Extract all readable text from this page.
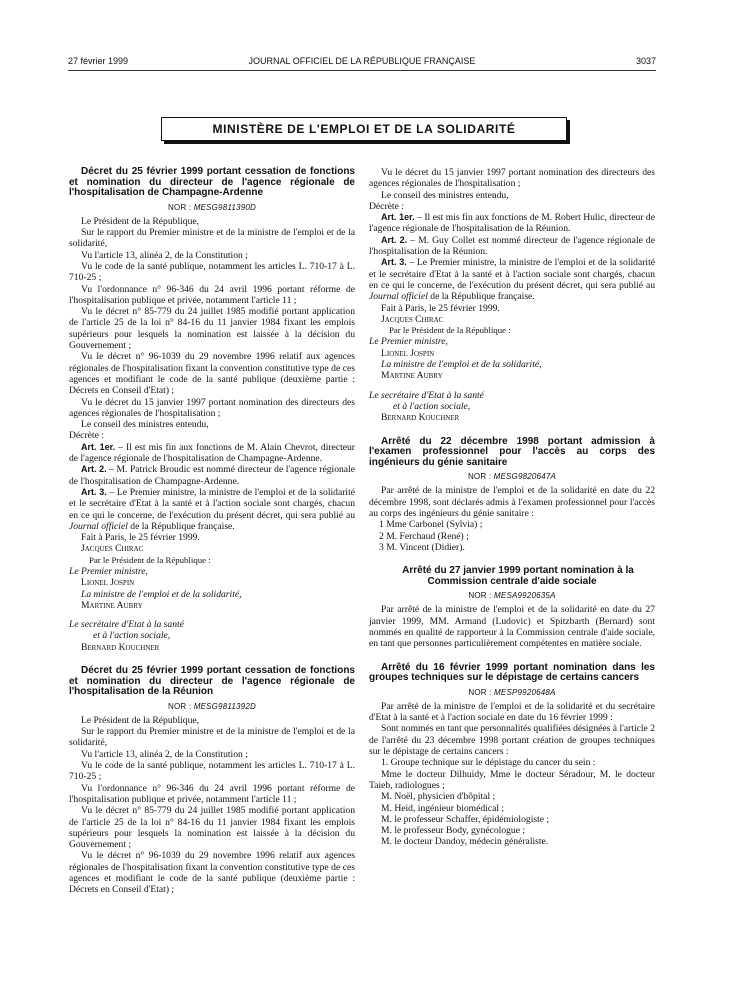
27 février 1999	JOURNAL OFFICIEL DE LA RÉPUBLIQUE FRANÇAISE	3037
MINISTÈRE DE L'EMPLOI ET DE LA SOLIDARITÉ

Décret du 25 février 1999 portant cessation de fonctions et nomination du directeur de l'agence régionale de l'hospitalisation de Champagne-Ardenne

NOR : MESG9811390D

Le Président de la République,

Sur le rapport du Premier ministre et de la ministre de l'emploi et de la solidarité,

Vu l'article 13, alinéa 2, de la Constitution ;

Vu le code de la santé publique, notamment les articles L. 710-17 à L. 710-25 ;

Vu l'ordonnance n° 96-346 du 24 avril 1996 portant réforme de l'hospitalisation publique et privée, notamment l'article 11 ;

Vu le décret n° 85-779 du 24 juillet 1985 modifié portant application de l'article 25 de la loi n° 84-16 du 11 janvier 1984 fixant les emplois supérieurs pour lesquels la nomination est laissée à la décision du Gouvernement ;

Vu le décret n° 96-1039 du 29 novembre 1996 relatif aux agences régionales de l'hospitalisation fixant la convention constitutive type de ces agences et modifiant le code de la santé publique (deuxième partie : Décrets en Conseil d'Etat) ;

Vu le décret du 15 janvier 1997 portant nomination des directeurs des agences régionales de l'hospitalisation ;

Le conseil des ministres entendu,

Décrète :

Art. 1er. – Il est mis fin aux fonctions de M. Alain Chevrot, directeur de l'agence régionale de l'hospitalisation de Champagne-Ardenne.

Art. 2. – M. Patrick Broudic est nommé directeur de l'agence régionale de l'hospitalisation de Champagne-Ardenne.

Art. 3. – Le Premier ministre, la ministre de l'emploi et de la solidarité et le secrétaire d'Etat à la santé et à l'action sociale sont chargés, chacun en ce qui le concerne, de l'exécution du présent décret, qui sera publié au Journal officiel de la République française.

Fait à Paris, le 25 février 1999.

Jacques Chirac

Par le Président de la République :

Le Premier ministre,

Lionel Jospin

La ministre de l'emploi et de la solidarité,

Martine Aubry

Le secrétaire d'Etat à la santé

et à l'action sociale,

Bernard Kouchner

Décret du 25 février 1999 portant cessation de fonctions et nomination du directeur de l'agence régionale de l'hospitalisation de la Réunion

NOR : MESG9811392D

Le Président de la République,

Sur le rapport du Premier ministre et de la ministre de l'emploi et de la solidarité,

Vu l'article 13, alinéa 2, de la Constitution ;

Vu le code de la santé publique, notamment les articles L. 710-17 à L. 710-25 ;

Vu l'ordonnance n° 96-346 du 24 avril 1996 portant réforme de l'hospitalisation publique et privée, notamment l'article 11 ;

Vu le décret n° 85-779 du 24 juillet 1985 modifié portant application de l'article 25 de la loi n° 84-16 du 11 janvier 1984 fixant les emplois supérieurs pour lesquels la nomination est laissée à la décision du Gouvernement ;

Vu le décret n° 96-1039 du 29 novembre 1996 relatif aux agences régionales de l'hospitalisation fixant la convention constitutive type de ces agences et modifiant le code de la santé publique (deuxième partie : Décrets en Conseil d'Etat) ;

Vu le décret du 15 janvier 1997 portant nomination des directeurs des agences régionales de l'hospitalisation ;

Le conseil des ministres entendu,

Décrète :

Art. 1er. – Il est mis fin aux fonctions de M. Robert Hulic, directeur de l'agence régionale de l'hospitalisation de la Réunion.

Art. 2. – M. Guy Collet est nommé directeur de l'agence régionale de l'hospitalisation de la Réunion.

Art. 3. – Le Premier ministre, la ministre de l'emploi et de la solidarité et le secrétaire d'Etat à la santé et à l'action sociale sont chargés, chacun en ce qui le concerne, de l'exécution du présent décret, qui sera publié au Journal officiel de la République française.

Fait à Paris, le 25 février 1999.

Jacques Chirac

Par le Président de la République :

Le Premier ministre,

Lionel Jospin

La ministre de l'emploi et de la solidarité,

Martine Aubry

Le secrétaire d'Etat à la santé

et à l'action sociale,

Bernard Kouchner

Arrêté du 22 décembre 1998 portant admission à l'examen professionnel pour l'accès au corps des ingénieurs du génie sanitaire

NOR : MESG9820647A

Par arrêté de la ministre de l'emploi et de la solidarité en date du 22 décembre 1998, sont déclarés admis à l'examen professionnel pour l'accès au corps des ingénieurs du génie sanitaire :

1 Mme Carbonel (Sylvia) ;

2 M. Ferchaud (René) ;

3 M. Vincent (Didier).

Arrêté du 27 janvier 1999 portant nomination à la Commission centrale d'aide sociale

NOR : MESA9920635A

Par arrêté de la ministre de l'emploi et de la solidarité en date du 27 janvier 1999, MM. Armand (Ludovic) et Spitzbarth (Bernard) sont nommés en qualité de rapporteur à la Commission centrale d'aide sociale, en tant que personnes particulièrement compétentes en matière sociale.

Arrêté du 16 février 1999 portant nomination dans les groupes techniques sur le dépistage de certains cancers

NOR : MESP9920648A

Par arrêté de la ministre de l'emploi et de la solidarité et du secrétaire d'Etat à la santé et à l'action sociale en date du 16 février 1999 :

Sont nommés en tant que personnalités qualifiées désignées à l'article 2 de l'arrêté du 23 décembre 1998 portant création de groupes techniques sur le dépistage de certains cancers :

1. Groupe technique sur le dépistage du cancer du sein :

Mme le docteur Dilhuidy, Mme le docteur Séradour, M. le docteur Taieb, radiologues ;

M. Noël, physicien d'hôpital ;

M. Heid, ingénieur biomédical ;

M. le professeur Schaffer, épidémiologiste ;

M. le professeur Body, gynécologue ;

M. le docteur Dandoy, médecin généraliste.
